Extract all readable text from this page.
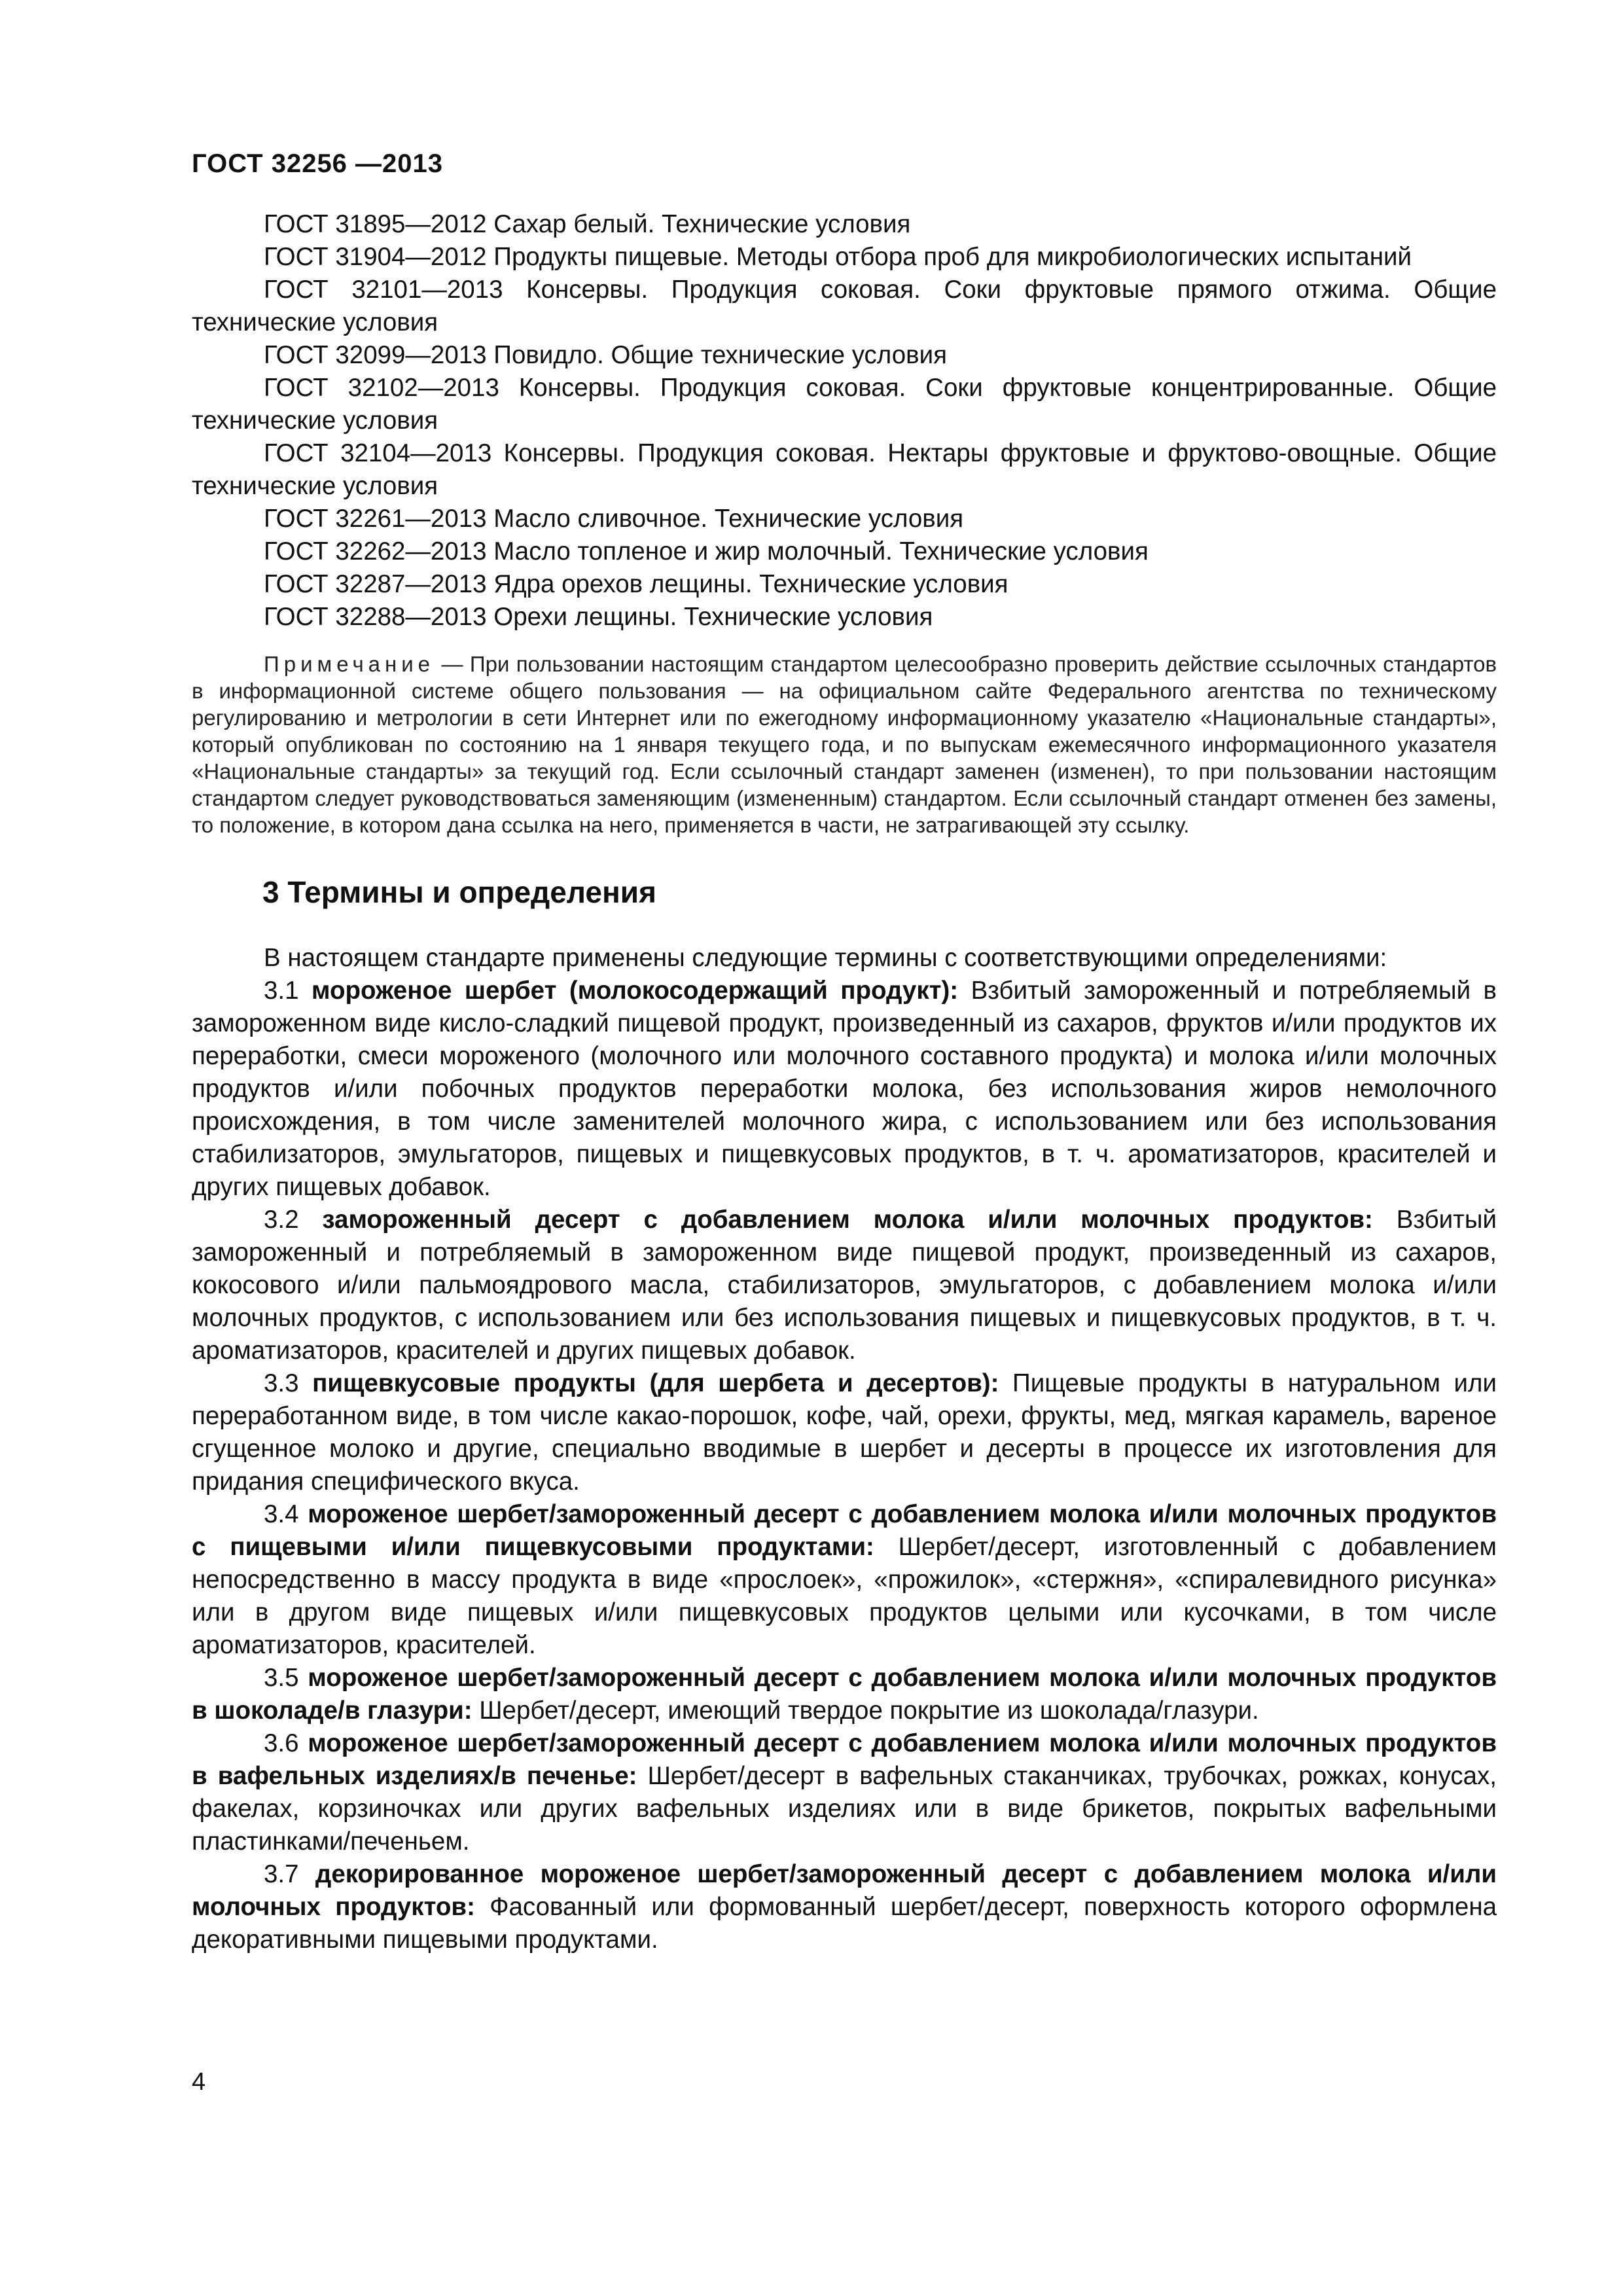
ГОСТ 32256 —2013

ГОСТ 31895—2012 Сахар белый. Технические условия

ГОСТ 31904—2012 Продукты пищевые. Методы отбора проб для микробиологических испытаний

ГОСТ 32101—2013 Консервы. Продукция соковая. Соки фруктовые прямого отжима. Общие технические условия

ГОСТ 32099—2013 Повидло. Общие технические условия

ГОСТ 32102—2013 Консервы. Продукция соковая. Соки фруктовые концентрированные. Общие технические условия

ГОСТ 32104—2013 Консервы. Продукция соковая. Нектары фруктовые и фруктово-овощные. Общие технические условия

ГОСТ 32261—2013 Масло сливочное. Технические условия

ГОСТ 32262—2013 Масло топленое и жир молочный. Технические условия

ГОСТ 32287—2013 Ядра орехов лещины. Технические условия

ГОСТ 32288—2013 Орехи лещины. Технические условия

Примечание — При пользовании настоящим стандартом целесообразно проверить действие ссылочных стандартов в информационной системе общего пользования — на официальном сайте Федерального агентства по техническому регулированию и метрологии в сети Интернет или по ежегодному информационному указателю «Национальные стандарты», который опубликован по состоянию на 1 января текущего года, и по выпускам ежемесячного информационного указателя «Национальные стандарты» за текущий год. Если ссылочный стандарт заменен (изменен), то при пользовании настоящим стандартом следует руководствоваться заменяющим (измененным) стандартом. Если ссылочный стандарт отменен без замены, то положение, в котором дана ссылка на него, применяется в части, не затрагивающей эту ссылку.

3 Термины и определения

В настоящем стандарте применены следующие термины с соответствующими определениями:

3.1 мороженое шербет (молокосодержащий продукт): Взбитый замороженный и потребляемый в замороженном виде кисло-сладкий пищевой продукт, произведенный из сахаров, фруктов и/или продуктов их переработки, смеси мороженого (молочного или молочного составного продукта) и молока и/или молочных продуктов и/или побочных продуктов переработки молока, без использования жиров немолочного происхождения, в том числе заменителей молочного жира, с использованием или без использования стабилизаторов, эмульгаторов, пищевых и пищевкусовых продуктов, в т. ч. ароматизаторов, красителей и других пищевых добавок.

3.2 замороженный десерт с добавлением молока и/или молочных продуктов: Взбитый замороженный и потребляемый в замороженном виде пищевой продукт, произведенный из сахаров, кокосового и/или пальмоядрового масла, стабилизаторов, эмульгаторов, с добавлением молока и/или молочных продуктов, с использованием или без использования пищевых и пищевкусовых продуктов, в т. ч. ароматизаторов, красителей и других пищевых добавок.

3.3 пищевкусовые продукты (для шербета и десертов): Пищевые продукты в натуральном или переработанном виде, в том числе какао-порошок, кофе, чай, орехи, фрукты, мед, мягкая карамель, вареное сгущенное молоко и другие, специально вводимые в шербет и десерты в процессе их изготовления для придания специфического вкуса.

3.4 мороженое шербет/замороженный десерт с добавлением молока и/или молочных продуктов с пищевыми и/или пищевкусовыми продуктами: Шербет/десерт, изготовленный с добавлением непосредственно в массу продукта в виде «прослоек», «прожилок», «стержня», «спиралевидного рисунка» или в другом виде пищевых и/или пищевкусовых продуктов целыми или кусочками, в том числе ароматизаторов, красителей.

3.5 мороженое шербет/замороженный десерт с добавлением молока и/или молочных продуктов в шоколаде/в глазури: Шербет/десерт, имеющий твердое покрытие из шоколада/глазури.

3.6 мороженое шербет/замороженный десерт с добавлением молока и/или молочных продуктов в вафельных изделиях/в печенье: Шербет/десерт в вафельных стаканчиках, трубочках, рожках, конусах, факелах, корзиночках или других вафельных изделиях или в виде брикетов, покрытых вафельными пластинками/печеньем.

3.7 декорированное мороженое шербет/замороженный десерт с добавлением молока и/или молочных продуктов: Фасованный или формованный шербет/десерт, поверхность которого оформлена декоративными пищевыми продуктами.

4
